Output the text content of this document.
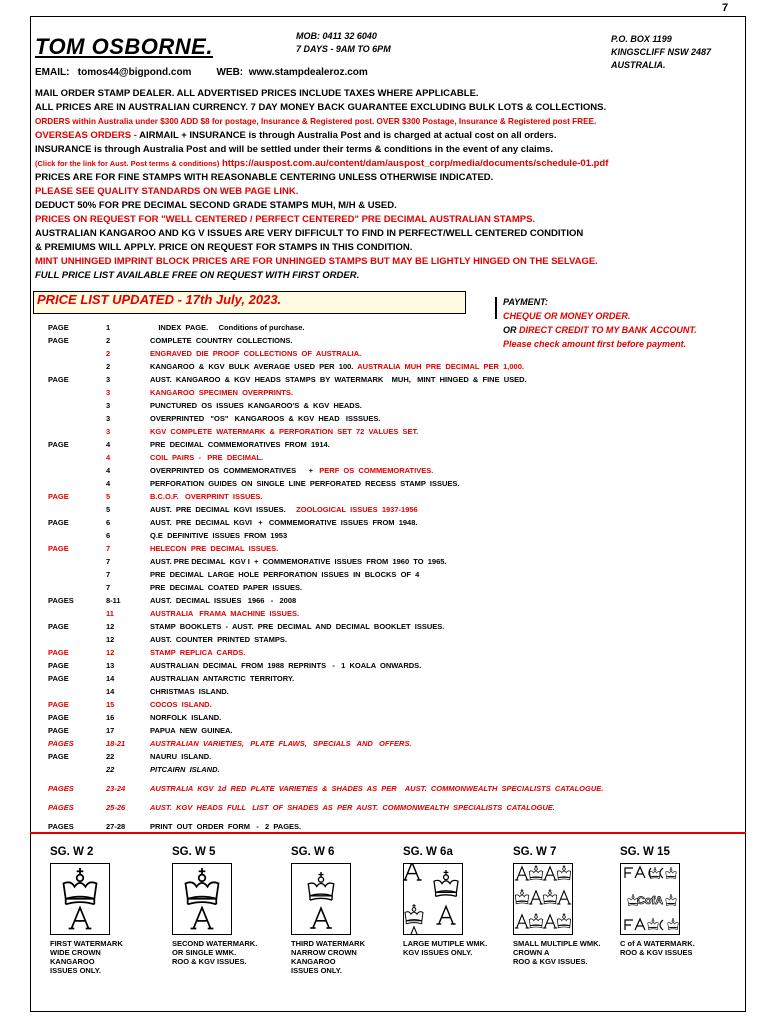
7
TOM OSBORNE.	MOB: 0411 32 6040
7 DAYS - 9AM TO 6PM
P.O. BOX 1199
KINGSCLIFF NSW 2487
AUSTRALIA.
EMAIL: tomos44@bigpond.com	WEB: www.stampdealeroz.com
MAIL ORDER STAMP DEALER. ALL ADVERTISED PRICES INCLUDE TAXES WHERE APPLICABLE.
ALL PRICES ARE IN AUSTRALIAN CURRENCY. 7 DAY MONEY BACK GUARANTEE EXCLUDING BULK LOTS & COLLECTIONS.
ORDERS within Australia under $300 ADD $8 for postage, Insurance & Registered post. OVER $300 Postage, Insurance & Registered post FREE.
OVERSEAS ORDERS - AIRMAIL + INSURANCE is through Australia Post and is charged at actual cost on all orders.
INSURANCE is through Australia Post and will be settled under their terms & conditions in the event of any claims.
(Click for the link for Aust. Post terms & conditions) https://auspost.com.au/content/dam/auspost_corp/media/documents/schedule-01.pdf
PRICES ARE FOR FINE STAMPS WITH REASONABLE CENTERING UNLESS OTHERWISE INDICATED.
PLEASE SEE QUALITY STANDARDS ON WEB PAGE LINK.
DEDUCT 50% FOR PRE DECIMAL SECOND GRADE STAMPS MUH, M/H & USED.
PRICES ON REQUEST FOR "WELL CENTERED / PERFECT CENTERED" PRE DECIMAL AUSTRALIAN STAMPS.
AUSTRALIAN KANGAROO AND KG V ISSUES ARE VERY DIFFICULT TO FIND IN PERFECT/WELL CENTERED CONDITION
& PREMIUMS WILL APPLY. PRICE ON REQUEST FOR STAMPS IN THIS CONDITION.
MINT UNHINGED IMPRINT BLOCK PRICES ARE FOR UNHINGED STAMPS BUT MAY BE LIGHTLY HINGED ON THE SELVAGE.
FULL PRICE LIST AVAILABLE FREE ON REQUEST WITH FIRST ORDER.
PRICE LIST UPDATED - 17th July, 2023.	PAYMENT:
CHEQUE OR MONEY ORDER.
OR DIRECT CREDIT TO MY BANK ACCOUNT.
Please check amount first before payment.
PAGE	1	INDEX  PAGE.     Conditions of purchase.
PAGE	2	COMPLETE  COUNTRY  COLLECTIONS.
2	ENGRAVED  DIE  PROOF  COLLECTIONS  OF  AUSTRALIA.
2	KANGAROO  &  KGV  BULK  AVERAGE  USED  PER  100.  AUSTRALIA  MUH  PRE  DECIMAL  PER  1,000.
PAGE	3	AUST.  KANGAROO  &  KGV  HEADS  STAMPS  BY  WATERMARK    MUH,   MINT  HINGED  &  FINE  USED.
3	KANGAROO  SPECIMEN  OVERPRINTS.
3	PUNCTURED  OS  ISSUES  KANGAROO'S  &  KGV  HEADS.
3	OVERPRINTED   "OS"   KANGAROOS  &  KGV  HEAD   ISSSUES.
3	KGV  COMPLETE  WATERMARK  &  PERFORATION  SET  72  VALUES  SET.
PAGE	4	PRE  DECIMAL  COMMEMORATIVES  FROM  1914.
4	COIL  PAIRS  -   PRE  DECIMAL.
4	OVERPRINTED  OS  COMMEMORATIVES      +   PERF  OS  COMMEMORATIVES.
4	PERFORATION  GUIDES  ON  SINGLE  LINE  PERFORATED  RECESS  STAMP  ISSUES.
PAGE	5	B.C.O.F.   OVERPRINT  ISSUES.
5	AUST.  PRE  DECIMAL  KGVI  ISSUES.     ZOOLOGICAL  ISSUES  1937-1956
PAGE	6	AUST.  PRE  DECIMAL  KGVI   +   COMMEMORATIVE  ISSUES  FROM  1948.
6	Q.E  DEFINITIVE  ISSUES  FROM  1953
PAGE	7	HELECON  PRE  DECIMAL  ISSUES.
7	AUST. PRE DECIMAL  KGV I  +  COMMEMORATIVE  ISSUES  FROM  1960  TO  1965.
7	PRE  DECIMAL  LARGE  HOLE  PERFORATION  ISSUES  IN  BLOCKS  OF  4
7	PRE  DECIMAL  COATED  PAPER  ISSUES.
PAGES	8-11	AUST.  DECIMAL  ISSUES   1966   -   2008
11	AUSTRALIA   FRAMA  MACHINE  ISSUES.
PAGE	12	STAMP  BOOKLETS  -  AUST.  PRE  DECIMAL  AND  DECIMAL  BOOKLET  ISSUES.
12	AUST.  COUNTER  PRINTED  STAMPS.
PAGE	12	STAMP  REPLICA  CARDS.
PAGE	13	AUSTRALIAN  DECIMAL  FROM  1988  REPRINTS   -   1  KOALA  ONWARDS.
PAGE	14	AUSTRALIAN  ANTARCTIC  TERRITORY.
14	CHRISTMAS  ISLAND.
PAGE	15	COCOS  ISLAND.
PAGE	16	NORFOLK  ISLAND.
PAGE	17	PAPUA  NEW  GUINEA.
PAGES	18-21	AUSTRALIAN  VARIETIES,   PLATE  FLAWS,   SPECIALS   AND   OFFERS.
PAGE	22	NAURU  ISLAND.
22	PITCAIRN  ISLAND.
PAGES	23-24	AUSTRALIA  KGV  1d  RED  PLATE  VARIETIES  &  SHADES  AS  PER    AUST.  COMMONWEALTH  SPECIALISTS  CATALOGUE.
PAGES	25-26	AUST.  KGV  HEADS  FULL   LIST  OF  SHADES  AS  PER  AUST.  COMMONWEALTH  SPECIALISTS  CATALOGUE.
PAGES	27-28	PRINT  OUT  ORDER  FORM   -   2  PAGES.
SG. W 2
FIRST WATERMARK
WIDE CROWN
KANGAROO
ISSUES ONLY.
SG. W 5
SECOND WATERMARK.
OR SINGLE WMK.
ROO & KGV ISSUES.
SG. W 6
THIRD WATERMARK
NARROW CROWN
KANGAROO
ISSUES ONLY.
SG. W 6a
LARGE MUTIPLE WMK.
KGV ISSUES ONLY.
SG. W 7
SMALL MULTIPLE WMK.
CROWN A
ROO & KGV ISSUES.
SG. W 15
CofA
C of A WATERMARK.
ROO & KGV ISSUES
